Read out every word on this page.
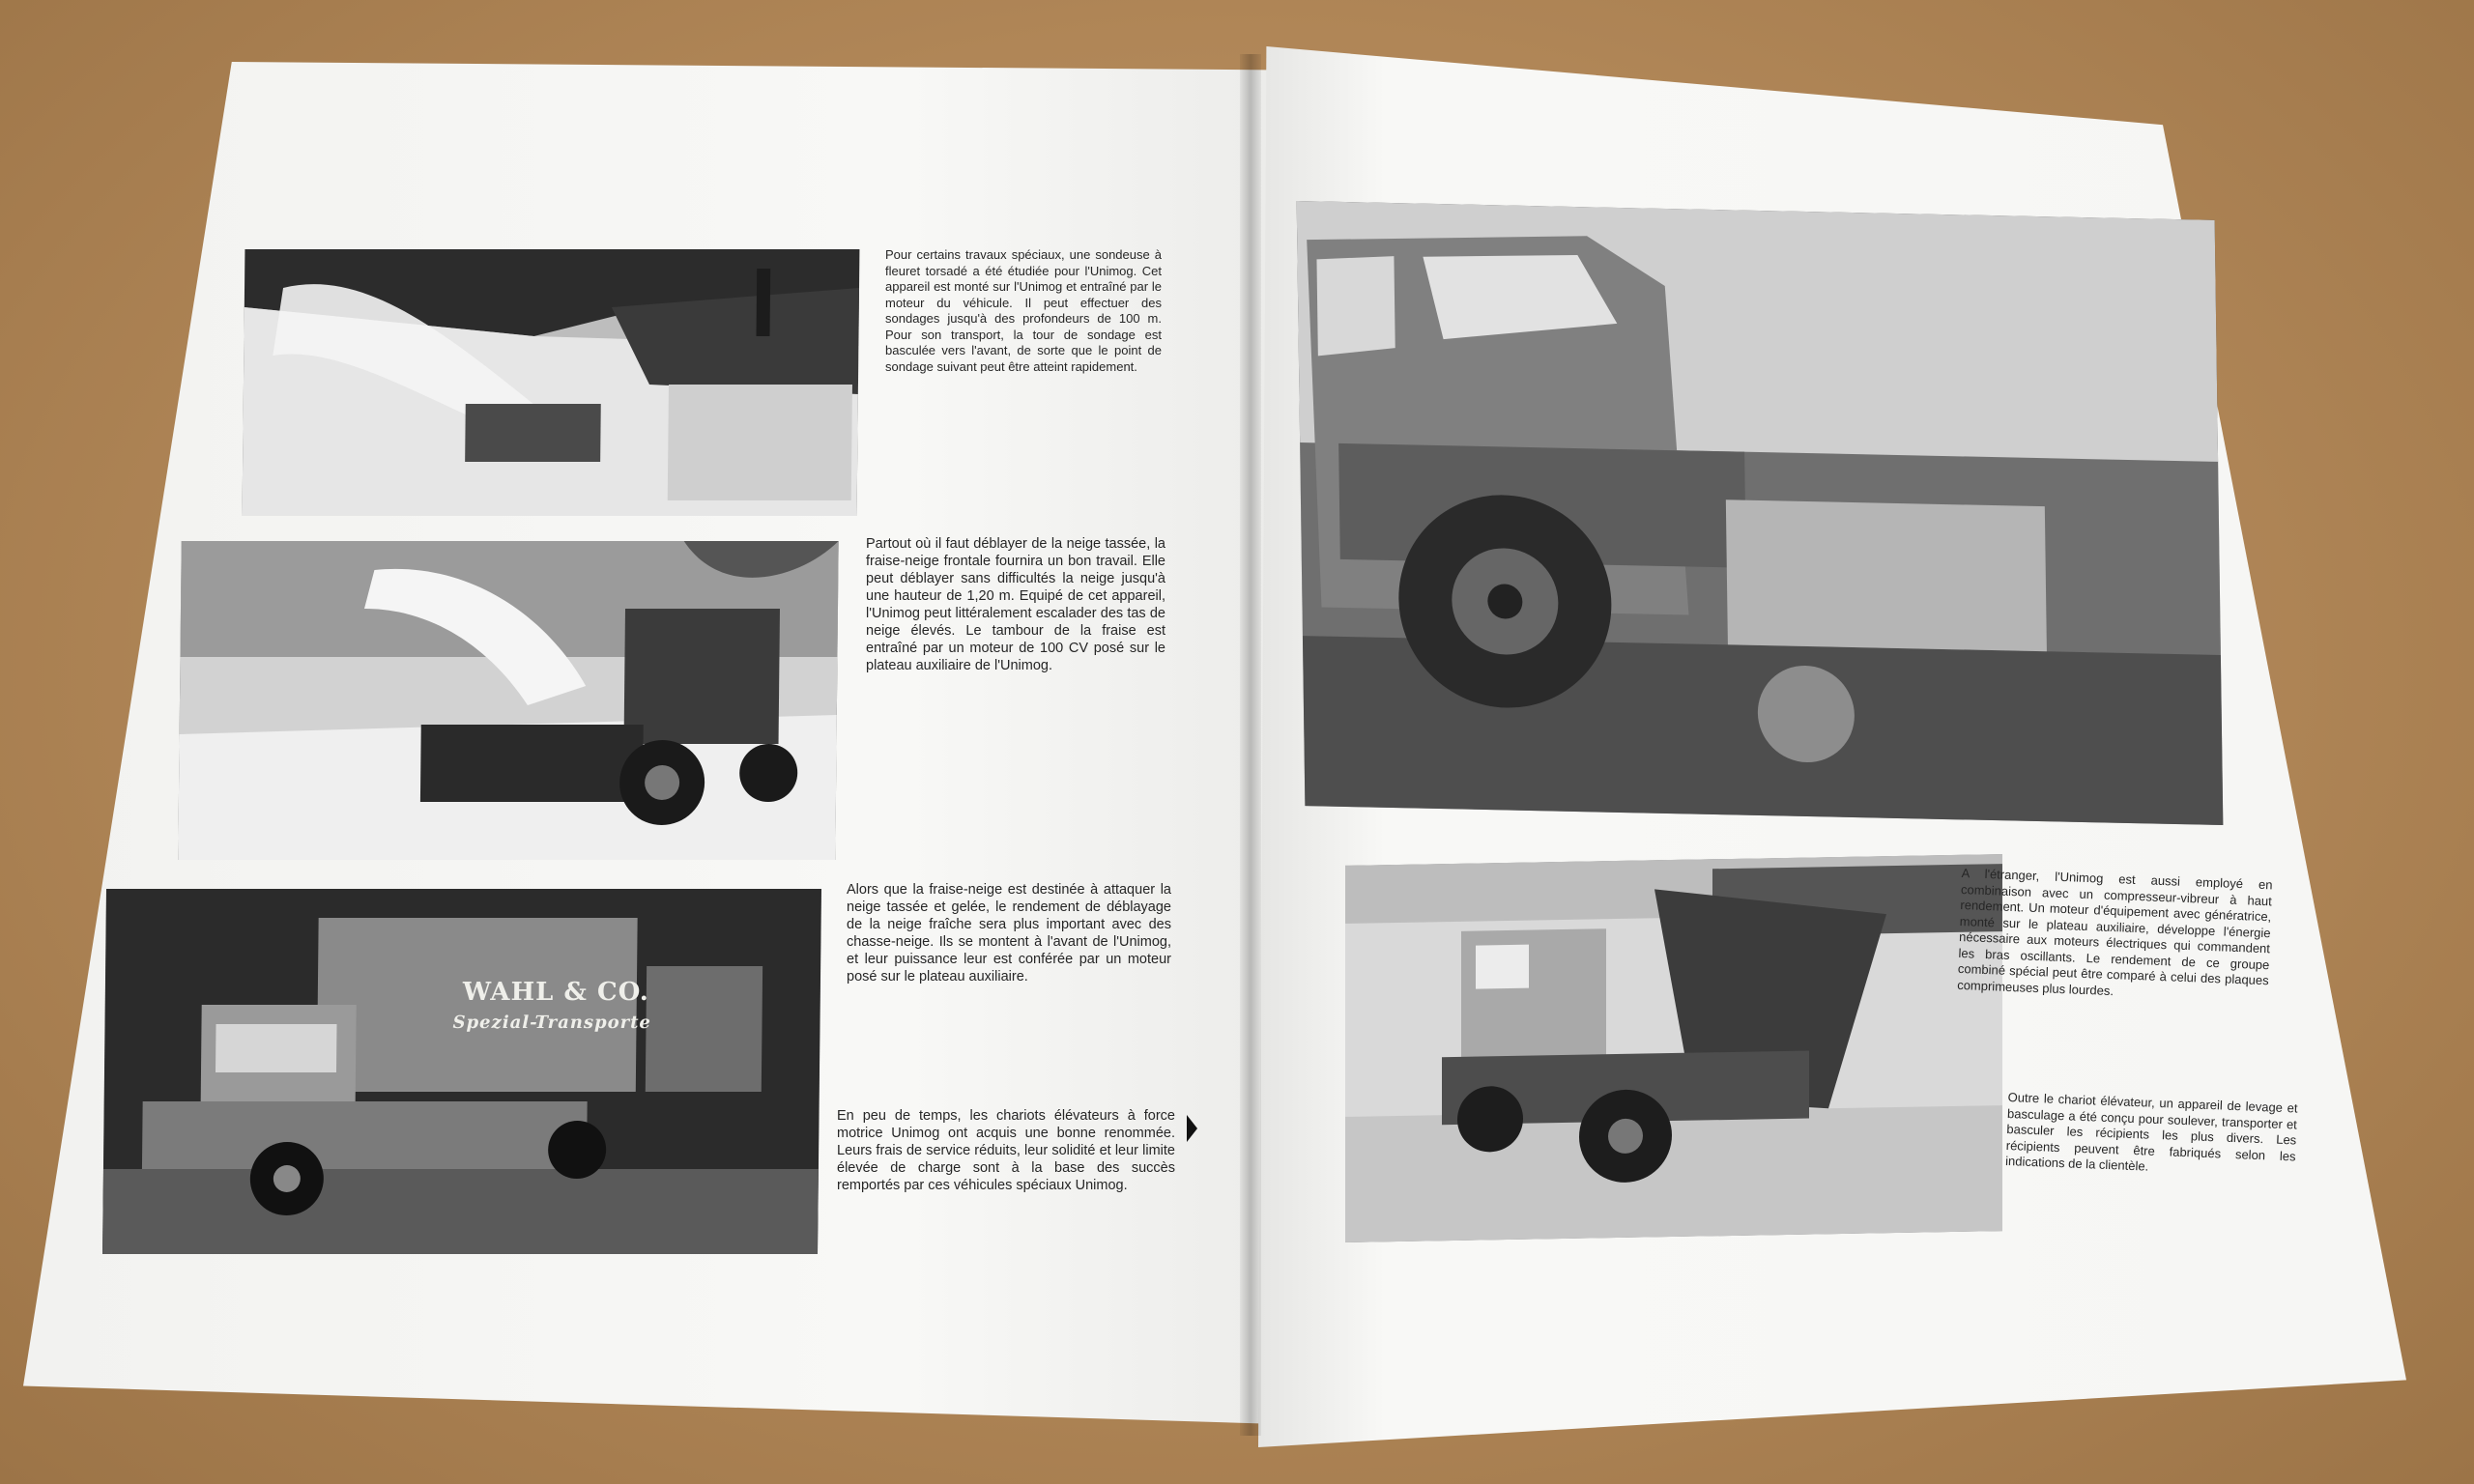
WAHL & CO.
Spezial-Transporte
Pour certains travaux spéciaux, une sondeuse à fleuret torsadé a été étudiée pour l'Unimog. Cet appareil est monté sur l'Unimog et entraîné par le moteur du véhicule. Il peut effectuer des sondages jusqu'à des profondeurs de 100 m. Pour son transport, la tour de sondage est basculée vers l'avant, de sorte que le point de sondage suivant peut être atteint rapidement.
Partout où il faut déblayer de la neige tassée, la fraise-neige frontale fournira un bon travail. Elle peut déblayer sans difficultés la neige jusqu'à une hauteur de 1,20 m. Equipé de cet appareil, l'Unimog peut littéralement escalader des tas de neige élevés. Le tambour de la fraise est entraîné par un moteur de 100 CV posé sur le plateau auxiliaire de l'Unimog.
Alors que la fraise-neige est destinée à attaquer la neige tassée et gelée, le rendement de déblayage de la neige fraîche sera plus important avec des chasse-neige. Ils se montent à l'avant de l'Unimog, et leur puissance leur est conférée par un moteur posé sur le plateau auxiliaire.
En peu de temps, les chariots élévateurs à force motrice Unimog ont acquis une bonne renommée. Leurs frais de service réduits, leur solidité et leur limite élevée de charge sont à la base des succès remportés par ces véhicules spéciaux Unimog.
A l'étranger, l'Unimog est aussi employé en combinaison avec un compresseur-vibreur à haut rendement. Un moteur d'équipement avec génératrice, monté sur le plateau auxiliaire, développe l'énergie nécessaire aux moteurs électriques qui commandent les bras oscillants. Le rendement de ce groupe combiné spécial peut être comparé à celui des plaques comprimeuses plus lourdes.
Outre le chariot élévateur, un appareil de levage et basculage a été conçu pour soulever, transporter et basculer les récipients les plus divers. Les récipients peuvent être fabriqués selon les indications de la clientèle.
